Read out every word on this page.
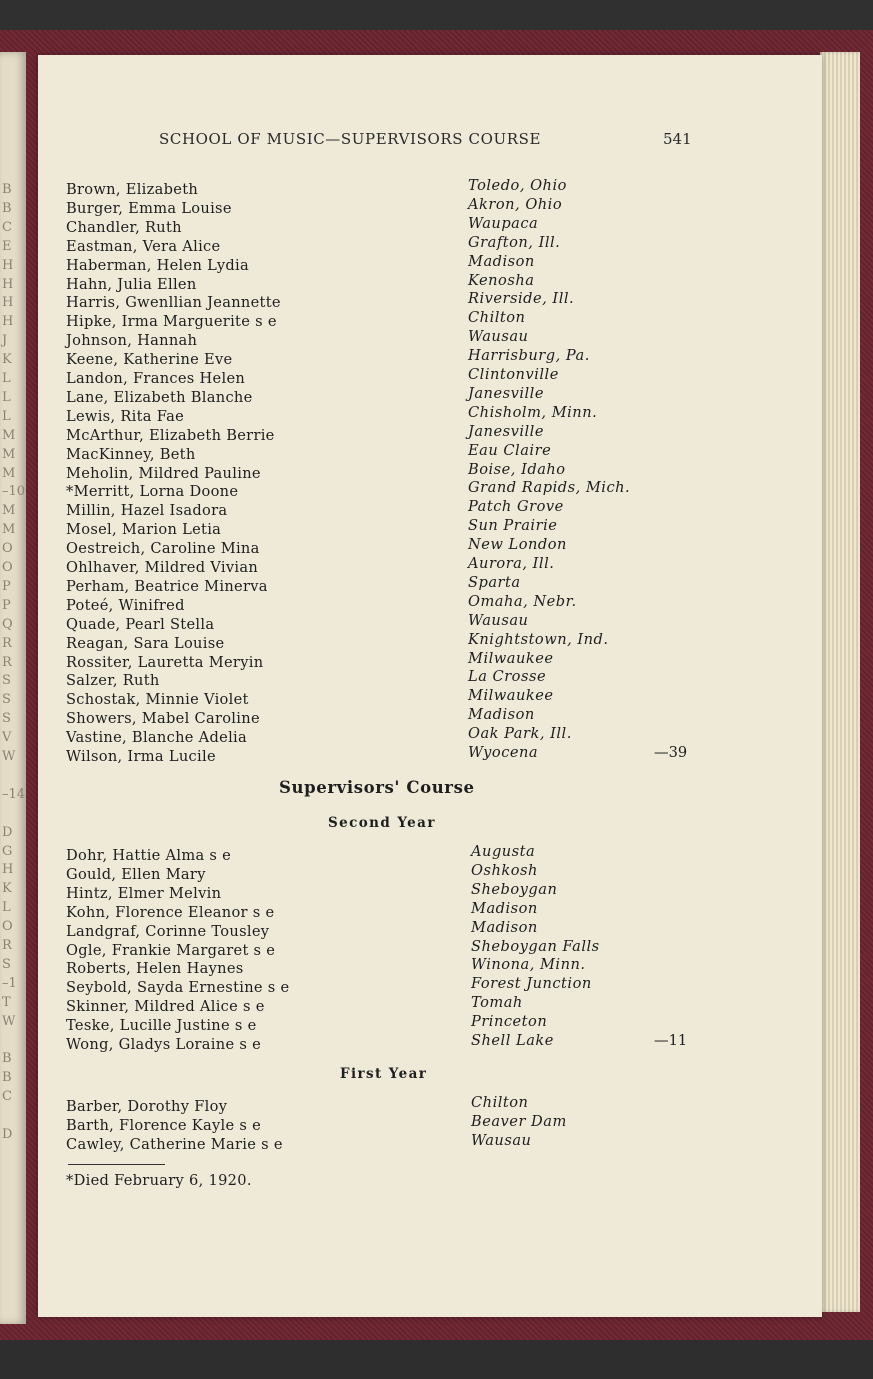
B
B
C
E
H
H
H
H
J
K
L
L
L
M
M
M
–10
M
M
O
O
P
P
Q
R
R
S
S
S
V
W
–14
D
G
H
K
L
O
R
S
–1
T
W
B
B
C
D
SCHOOL OF MUSIC—SUPERVISORS COURSE	541
Brown, Elizabeth	Toledo, Ohio
Burger, Emma Louise	Akron, Ohio
Chandler, Ruth	Waupaca
Eastman, Vera Alice	Grafton, Ill.
Haberman, Helen Lydia	Madison
Hahn, Julia Ellen	Kenosha
Harris, Gwenllian Jeannette	Riverside, Ill.
Hipke, Irma Marguerite s e	Chilton
Johnson, Hannah	Wausau
Keene, Katherine Eve	Harrisburg, Pa.
Landon, Frances Helen	Clintonville
Lane, Elizabeth Blanche	Janesville
Lewis, Rita Fae	Chisholm, Minn.
McArthur, Elizabeth Berrie	Janesville
MacKinney, Beth	Eau Claire
Meholin, Mildred Pauline	Boise, Idaho
*Merritt, Lorna Doone	Grand Rapids, Mich.
Millin, Hazel Isadora	Patch Grove
Mosel, Marion Letia	Sun Prairie
Oestreich, Caroline Mina	New London
Ohlhaver, Mildred Vivian	Aurora, Ill.
Perham, Beatrice Minerva	Sparta
Poteé, Winifred	Omaha, Nebr.
Quade, Pearl Stella	Wausau
Reagan, Sara Louise	Knightstown, Ind.
Rossiter, Lauretta Meryin	Milwaukee
Salzer, Ruth	La Crosse
Schostak, Minnie Violet	Milwaukee
Showers, Mabel Caroline	Madison
Vastine, Blanche Adelia	Oak Park, Ill.
Wilson, Irma Lucile	Wyocena	—39
Supervisors' Course
Second Year
Dohr, Hattie Alma s e	Augusta
Gould, Ellen Mary	Oshkosh
Hintz, Elmer Melvin	Sheboygan
Kohn, Florence Eleanor s e	Madison
Landgraf, Corinne Tousley	Madison
Ogle, Frankie Margaret s e	Sheboygan Falls
Roberts, Helen Haynes	Winona, Minn.
Seybold, Sayda Ernestine s e	Forest Junction
Skinner, Mildred Alice s e	Tomah
Teske, Lucille Justine s e	Princeton
Wong, Gladys Loraine s e	Shell Lake	—11
First Year
Barber, Dorothy Floy	Chilton
Barth, Florence Kayle s e	Beaver Dam
Cawley, Catherine Marie s e	Wausau
*Died February 6, 1920.
